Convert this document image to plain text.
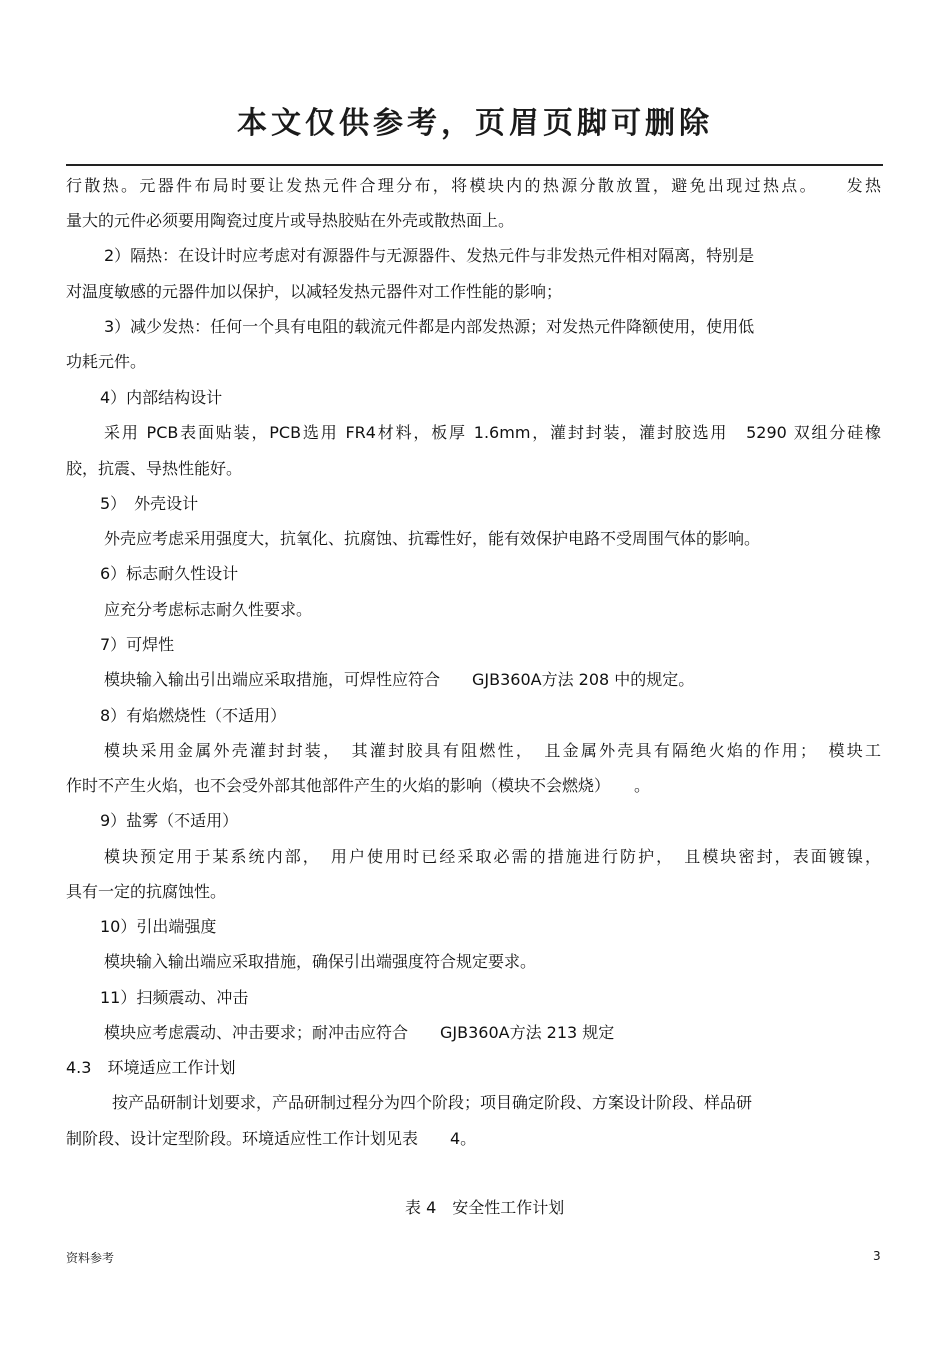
本文仅供参考，页眉页脚可删除
行散热。元器件布局时要让发热元件合理分布，将模块内的热源分散放置，避免出现过热点。　　发热
量大的元件必须要用陶瓷过度片或导热胶贴在外壳或散热面上。
2）隔热：在设计时应考虑对有源器件与无源器件、发热元件与非发热元件相对隔离，特别是
对温度敏感的元器件加以保护，以减轻发热元器件对工作性能的影响；
3）减少发热：任何一个具有电阻的载流元件都是内部发热源；对发热元件降额使用，使用低
功耗元件。
4）内部结构设计
采用 PCB表面贴装，PCB选用 FR4材料，板厚 1.6mm，灌封封装，灌封胶选用　5290 双组分硅橡
胶，抗震、导热性能好。
5）　外壳设计
外壳应考虑采用强度大，抗氧化、抗腐蚀、抗霉性好，能有效保护电路不受周围气体的影响。
6）标志耐久性设计
应充分考虑标志耐久性要求。
7）可焊性
模块输入输出引出端应采取措施，可焊性应符合　　GJB360A方法 208 中的规定。
8）有焰燃烧性（不适用）
模块采用金属外壳灌封封装，　其灌封胶具有阻燃性，　且金属外壳具有隔绝火焰的作用；　模块工
作时不产生火焰，也不会受外部其他部件产生的火焰的影响（模块不会燃烧）　　。
9）盐雾（不适用）
模块预定用于某系统内部，　用户使用时已经采取必需的措施进行防护，　且模块密封，表面镀镍，
具有一定的抗腐蚀性。
10）引出端强度
模块输入输出端应采取措施，确保引出端强度符合规定要求。
11）扫频震动、冲击
模块应考虑震动、冲击要求；耐冲击应符合　　GJB360A方法 213 规定
4.3　环境适应工作计划
按产品研制计划要求，产品研制过程分为四个阶段；项目确定阶段、方案设计阶段、样品研
制阶段、设计定型阶段。环境适应性工作计划见表　　4。
表 4　安全性工作计划
资料参考	3
